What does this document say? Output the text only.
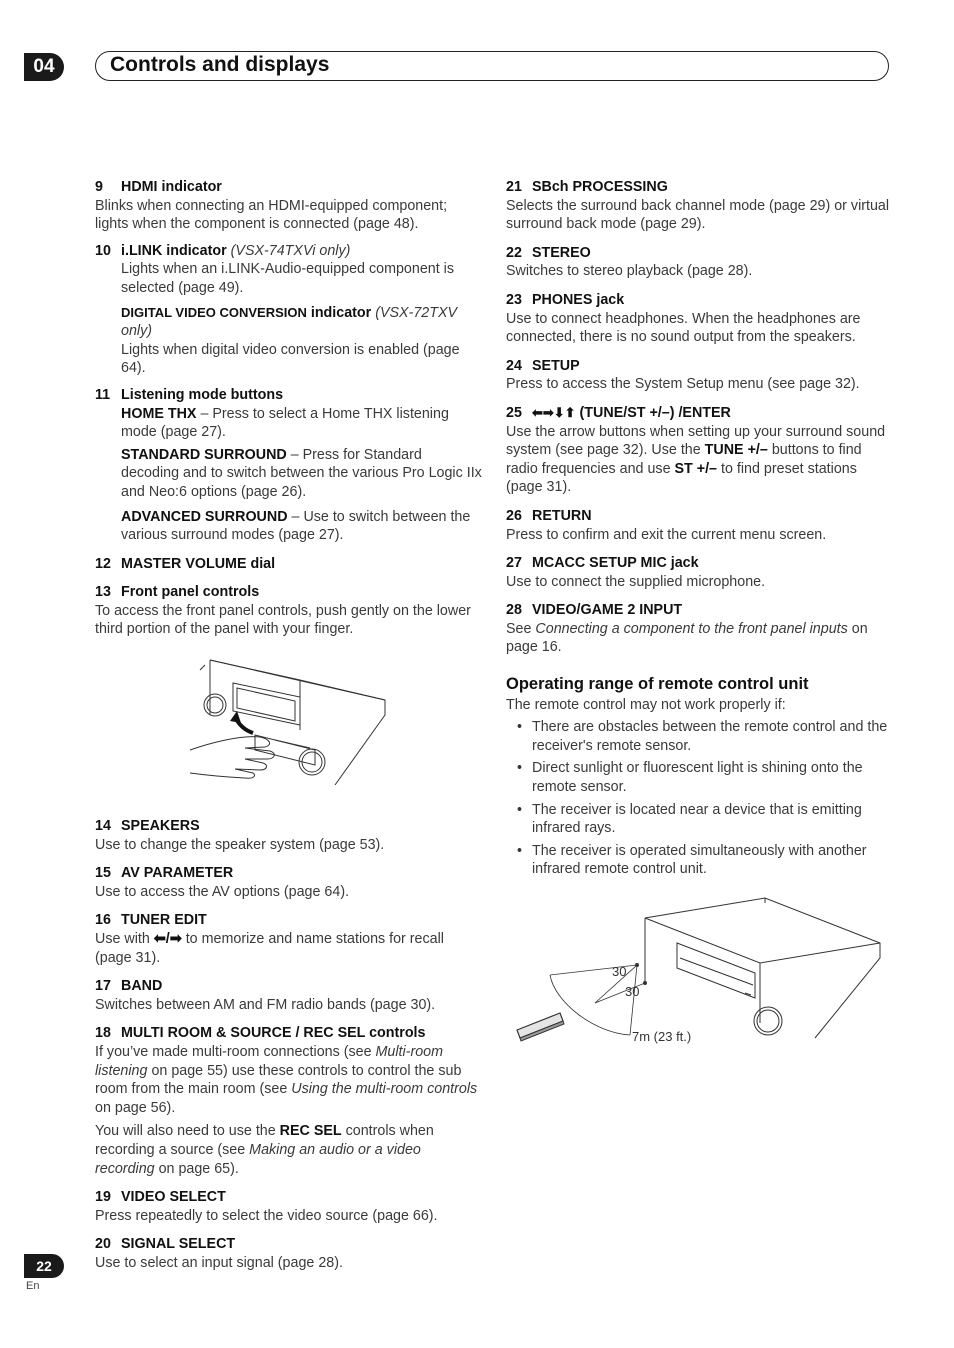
04	Controls and displays
9 HDMI indicator
Blinks when connecting an HDMI-equipped component; lights when the component is connected (page 48).
10 i.LINK indicator (VSX-74TXVi only)
Lights when an i.LINK-Audio-equipped component is selected (page 49).
DIGITAL VIDEO CONVERSION indicator (VSX-72TXV only)
Lights when digital video conversion is enabled (page 64).
11 Listening mode buttons
HOME THX – Press to select a Home THX listening mode (page 27).
STANDARD SURROUND – Press for Standard decoding and to switch between the various Pro Logic IIx and Neo:6 options (page 26).
ADVANCED SURROUND – Use to switch between the various surround modes (page 27).
12 MASTER VOLUME dial
13 Front panel controls
To access the front panel controls, push gently on the lower third portion of the panel with your finger.
14 SPEAKERS
Use to change the speaker system (page 53).
15 AV PARAMETER
Use to access the AV options (page 64).
16 TUNER EDIT
Use with ⬅/➡ to memorize and name stations for recall (page 31).
17 BAND
Switches between AM and FM radio bands (page 30).
18 MULTI ROOM & SOURCE / REC SEL controls
If you’ve made multi-room connections (see Multi-room listening on page 55) use these controls to control the sub room from the main room (see Using the multi-room controls on page 56).
You will also need to use the REC SEL controls when recording a source (see Making an audio or a video recording on page 65).
19 VIDEO SELECT
Press repeatedly to select the video source (page 66).
20 SIGNAL SELECT
Use to select an input signal (page 28).
21 SBch PROCESSING
Selects the surround back channel mode (page 29) or virtual surround back mode (page 29).
22 STEREO
Switches to stereo playback (page 28).
23 PHONES jack
Use to connect headphones. When the headphones are connected, there is no sound output from the speakers.
24 SETUP
Press to access the System Setup menu (see page 32).
25 ⬅➡⬇⬆ (TUNE/ST +/–) /ENTER
Use the arrow buttons when setting up your surround sound system (see page 32). Use the TUNE +/– buttons to find radio frequencies and use ST +/– to find preset stations (page 31).
26 RETURN
Press to confirm and exit the current menu screen.
27 MCACC SETUP MIC jack
Use to connect the supplied microphone.
28 VIDEO/GAME 2 INPUT
See Connecting a component to the front panel inputs on page 16.
Operating range of remote control unit
The remote control may not work properly if:
• There are obstacles between the remote control and the receiver's remote sensor.
• Direct sunlight or fluorescent light is shining onto the remote sensor.
• The receiver is located near a device that is emitting infrared rays.
• The receiver is operated simultaneously with another infrared remote control unit.
30
30
7m (23 ft.)
22
En
